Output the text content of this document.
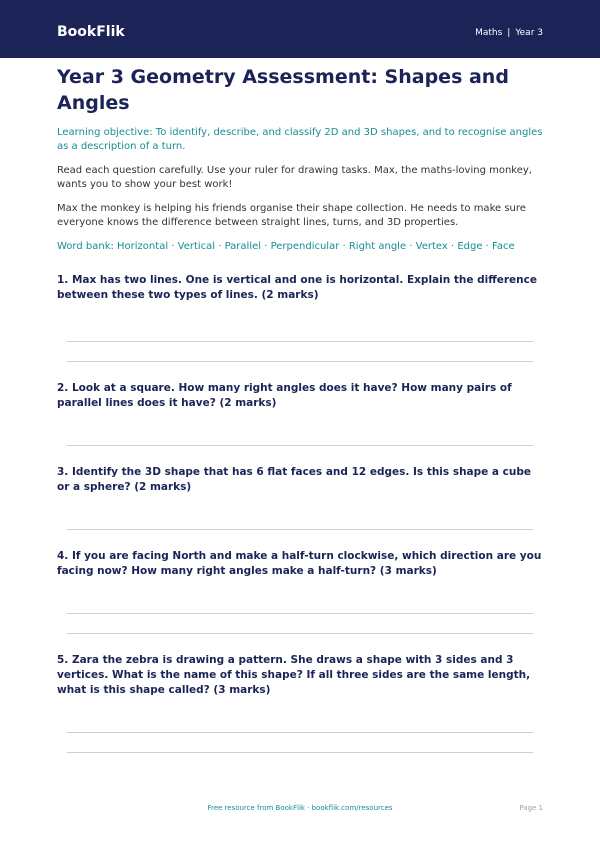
BookFlik	Maths | Year 3
Year 3 Geometry Assessment: Shapes and Angles
Learning objective: To identify, describe, and classify 2D and 3D shapes, and to recognise angles as a description of a turn.
Read each question carefully. Use your ruler for drawing tasks. Max, the maths-loving monkey, wants you to show your best work!
Max the monkey is helping his friends organise their shape collection. He needs to make sure everyone knows the difference between straight lines, turns, and 3D properties.
Word bank: Horizontal · Vertical · Parallel · Perpendicular · Right angle · Vertex · Edge · Face
1. Max has two lines. One is vertical and one is horizontal. Explain the difference between these two types of lines. (2 marks)
2. Look at a square. How many right angles does it have? How many pairs of parallel lines does it have? (2 marks)
3. Identify the 3D shape that has 6 flat faces and 12 edges. Is this shape a cube or a sphere? (2 marks)
4. If you are facing North and make a half-turn clockwise, which direction are you facing now? How many right angles make a half-turn? (3 marks)
5. Zara the zebra is drawing a pattern. She draws a shape with 3 sides and 3 vertices. What is the name of this shape? If all three sides are the same length, what is this shape called? (3 marks)
Free resource from BookFlik · bookflik.com/resources	Page 1
